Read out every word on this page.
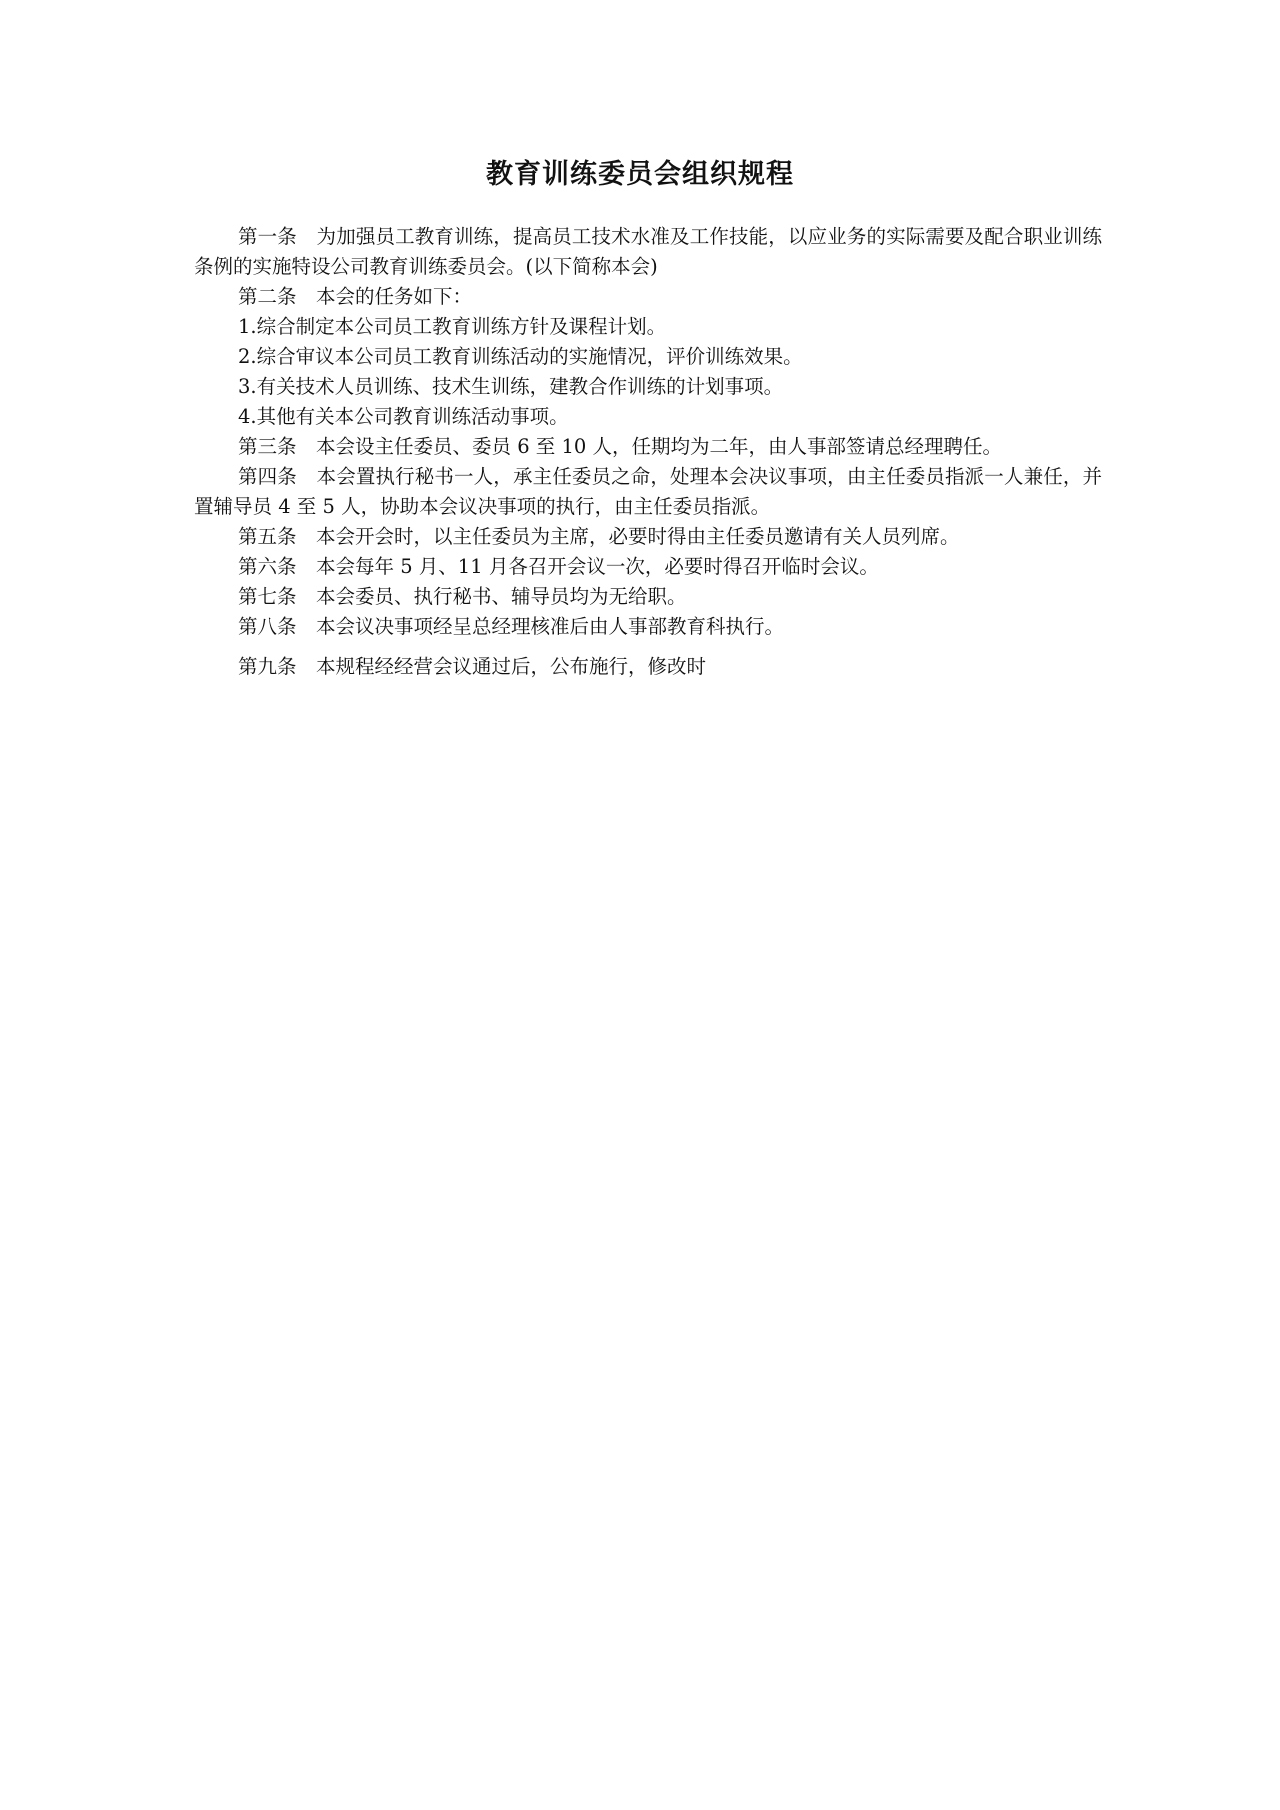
教育训练委员会组织规程

第一条　为加强员工教育训练，提高员工技术水准及工作技能，以应业务的实际需要及配合职业训练条例的实施特设公司教育训练委员会。(以下简称本会)

第二条　本会的任务如下：

1.综合制定本公司员工教育训练方针及课程计划。

2.综合审议本公司员工教育训练活动的实施情况，评价训练效果。

3.有关技术人员训练、技术生训练，建教合作训练的计划事项。

4.其他有关本公司教育训练活动事项。

第三条　本会设主任委员、委员 6 至 10 人，任期均为二年，由人事部签请总经理聘任。

第四条　本会置执行秘书一人，承主任委员之命，处理本会决议事项，由主任委员指派一人兼任，并置辅导员 4 至 5 人，协助本会议决事项的执行，由主任委员指派。

第五条　本会开会时，以主任委员为主席，必要时得由主任委员邀请有关人员列席。

第六条　本会每年 5 月、11 月各召开会议一次，必要时得召开临时会议。

第七条　本会委员、执行秘书、辅导员均为无给职。

第八条　本会议决事项经呈总经理核准后由人事部教育科执行。

第九条　本规程经经营会议通过后，公布施行，修改时
